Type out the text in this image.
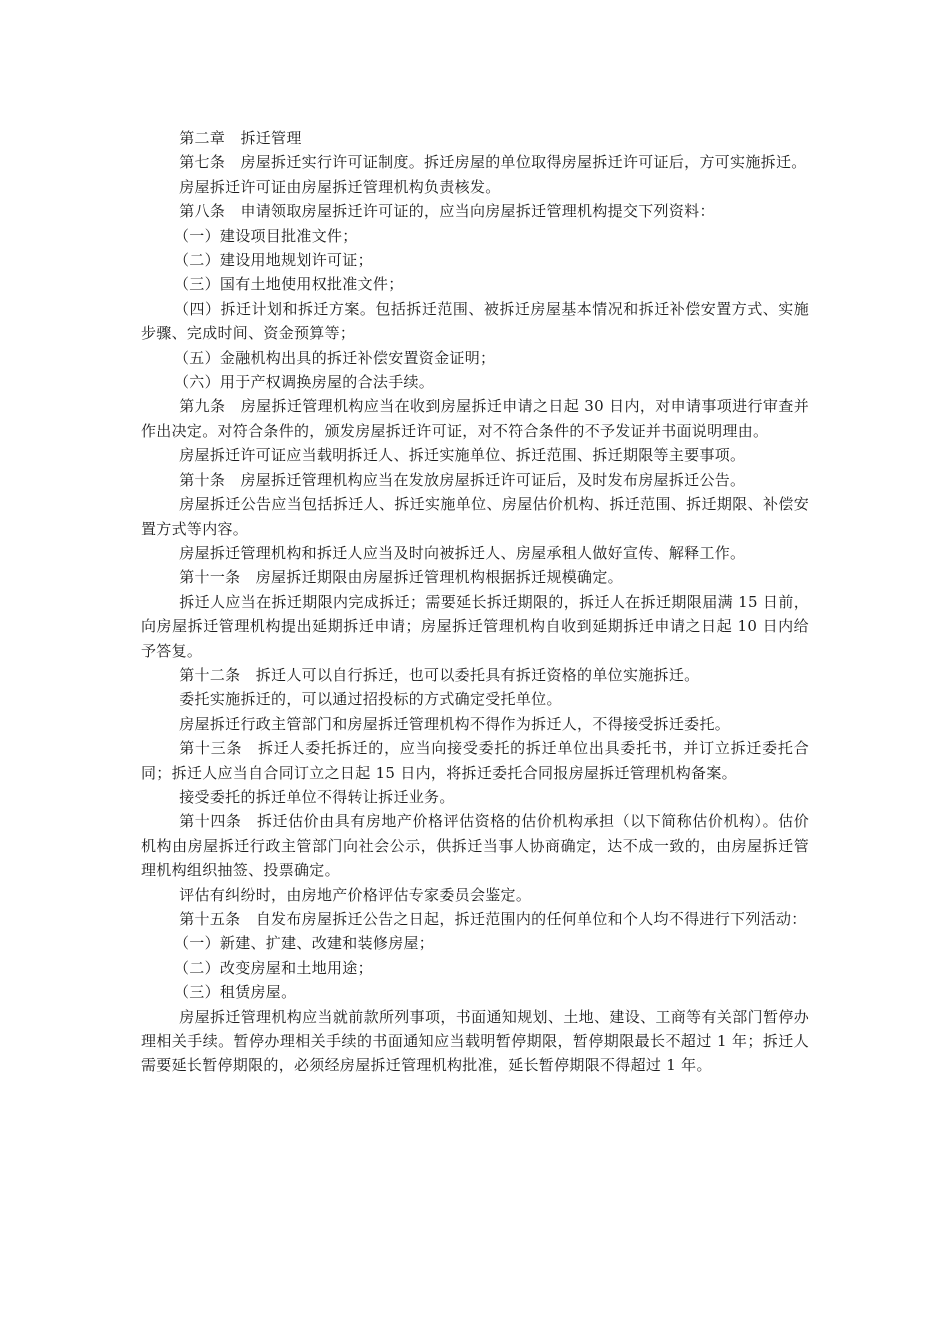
第二章　拆迁管理

第七条　房屋拆迁实行许可证制度。拆迁房屋的单位取得房屋拆迁许可证后，方可实施拆迁。

房屋拆迁许可证由房屋拆迁管理机构负责核发。

第八条　申请领取房屋拆迁许可证的，应当向房屋拆迁管理机构提交下列资料：

（一）建设项目批准文件；

（二）建设用地规划许可证；

（三）国有土地使用权批准文件；

（四）拆迁计划和拆迁方案。包括拆迁范围、被拆迁房屋基本情况和拆迁补偿安置方式、实施步骤、完成时间、资金预算等；

（五）金融机构出具的拆迁补偿安置资金证明；

（六）用于产权调换房屋的合法手续。

第九条　房屋拆迁管理机构应当在收到房屋拆迁申请之日起 30 日内，对申请事项进行审查并作出决定。对符合条件的，颁发房屋拆迁许可证，对不符合条件的不予发证并书面说明理由。

房屋拆迁许可证应当载明拆迁人、拆迁实施单位、拆迁范围、拆迁期限等主要事项。

第十条　房屋拆迁管理机构应当在发放房屋拆迁许可证后，及时发布房屋拆迁公告。

房屋拆迁公告应当包括拆迁人、拆迁实施单位、房屋估价机构、拆迁范围、拆迁期限、补偿安置方式等内容。

房屋拆迁管理机构和拆迁人应当及时向被拆迁人、房屋承租人做好宣传、解释工作。

第十一条　房屋拆迁期限由房屋拆迁管理机构根据拆迁规模确定。

拆迁人应当在拆迁期限内完成拆迁；需要延长拆迁期限的，拆迁人在拆迁期限届满 15 日前，向房屋拆迁管理机构提出延期拆迁申请；房屋拆迁管理机构自收到延期拆迁申请之日起 10 日内给予答复。

第十二条　拆迁人可以自行拆迁，也可以委托具有拆迁资格的单位实施拆迁。

委托实施拆迁的，可以通过招投标的方式确定受托单位。

房屋拆迁行政主管部门和房屋拆迁管理机构不得作为拆迁人，不得接受拆迁委托。

第十三条　拆迁人委托拆迁的，应当向接受委托的拆迁单位出具委托书，并订立拆迁委托合同；拆迁人应当自合同订立之日起 15 日内，将拆迁委托合同报房屋拆迁管理机构备案。

接受委托的拆迁单位不得转让拆迁业务。

第十四条　拆迁估价由具有房地产价格评估资格的估价机构承担（以下简称估价机构）。估价机构由房屋拆迁行政主管部门向社会公示，供拆迁当事人协商确定，达不成一致的，由房屋拆迁管理机构组织抽签、投票确定。

评估有纠纷时，由房地产价格评估专家委员会鉴定。

第十五条　自发布房屋拆迁公告之日起，拆迁范围内的任何单位和个人均不得进行下列活动：

（一）新建、扩建、改建和装修房屋；

（二）改变房屋和土地用途；

（三）租赁房屋。

房屋拆迁管理机构应当就前款所列事项，书面通知规划、土地、建设、工商等有关部门暂停办理相关手续。暂停办理相关手续的书面通知应当载明暂停期限，暂停期限最长不超过 1 年；拆迁人需要延长暂停期限的，必须经房屋拆迁管理机构批准，延长暂停期限不得超过 1 年。
